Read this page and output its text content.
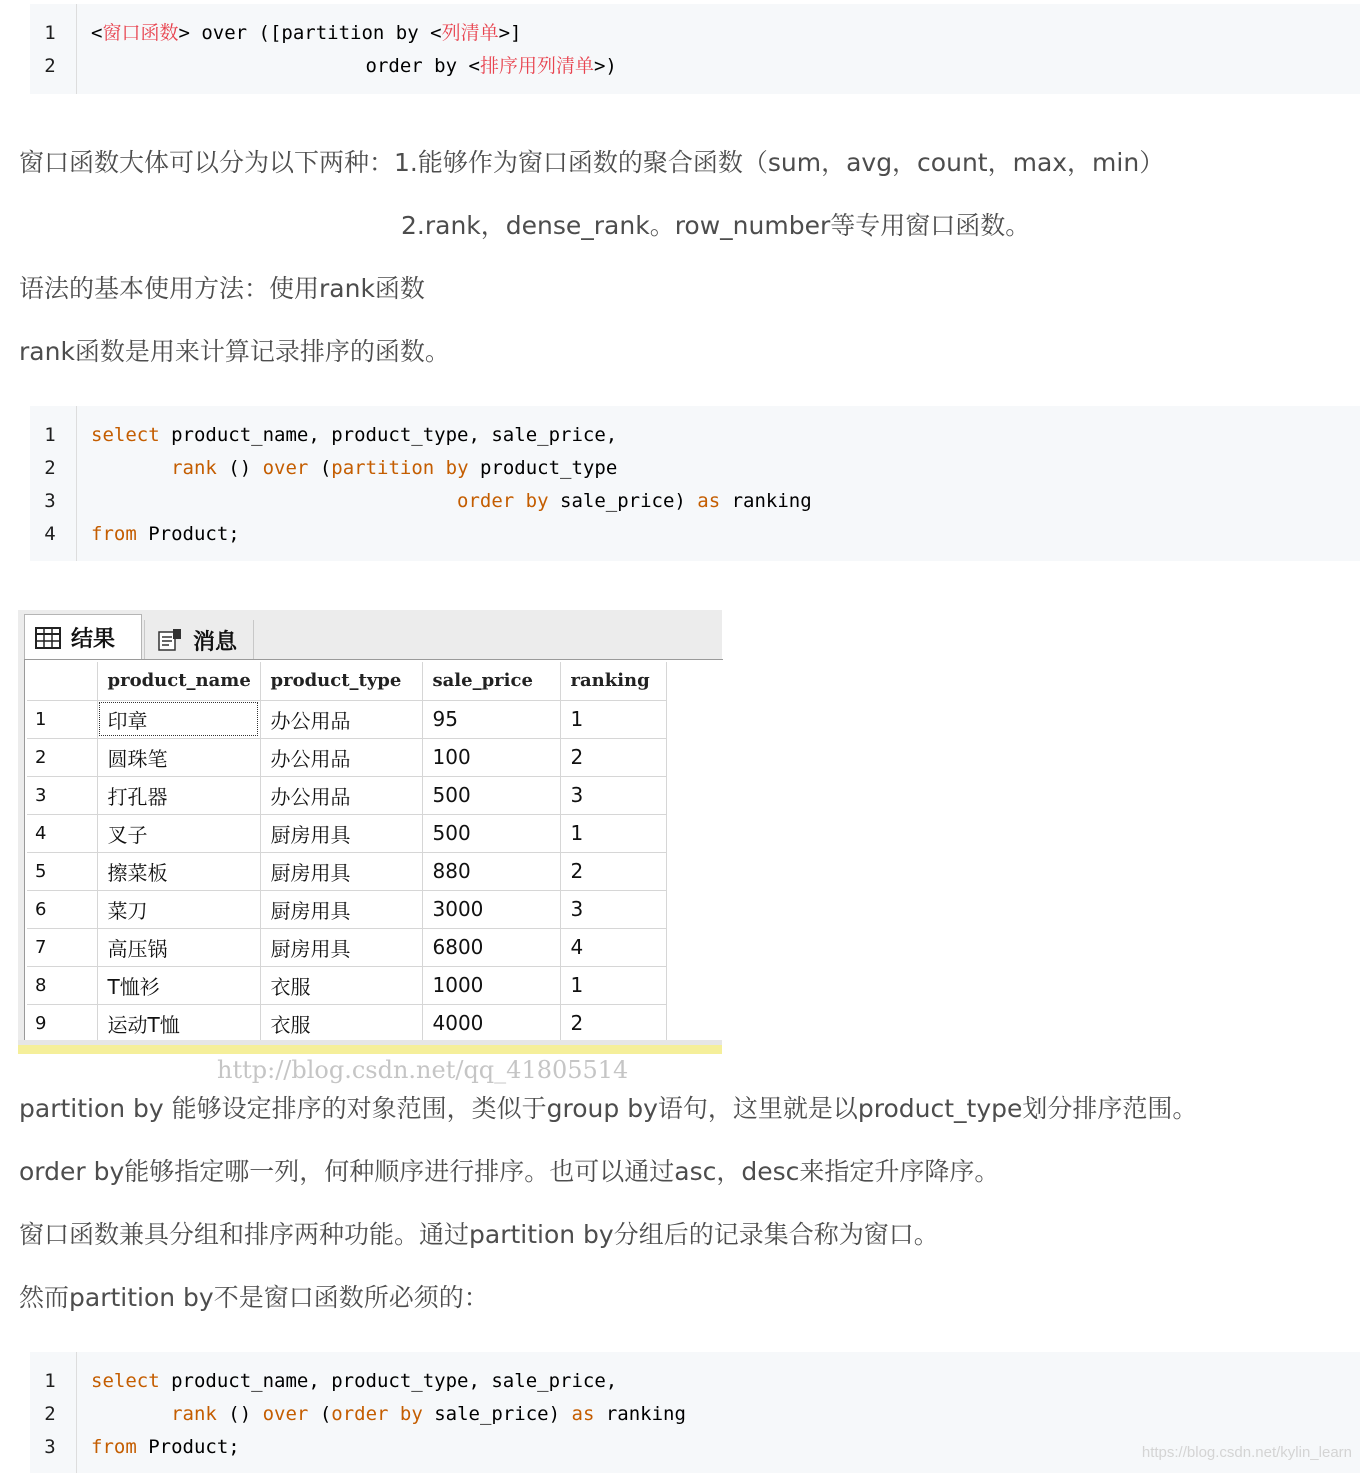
1 <窗口函数> over ([partition by <列清单>]
2 order by <排序用列清单>)
窗口函数大体可以分为以下两种：1.能够作为窗口函数的聚合函数（sum，avg，count，max，min）
2.rank，dense_rank。row_number等专用窗口函数。
语法的基本使用方法：使用rank函数
rank函数是用来计算记录排序的函数。
1 select product_name, product_type, sale_price,
2	rank () over (partition by product_type
3	order by sale_price) as ranking
4 from Product;
结果	消息
	product_name	product_type	sale_price	ranking
1	印章	办公用品	95	1
2	圆珠笔	办公用品	100	2
3	打孔器	办公用品	500	3
4	叉子	厨房用具	500	1
5	擦菜板	厨房用具	880	2
6	菜刀	厨房用具	3000	3
7	高压锅	厨房用具	6800	4
8	T恤衫	衣服	1000	1
9	运动T恤	衣服	4000	2
http://blog.csdn.net/qq_41805514
partition by 能够设定排序的对象范围，类似于group by语句，这里就是以product_type划分排序范围。
order by能够指定哪一列，何种顺序进行排序。也可以通过asc，desc来指定升序降序。
窗口函数兼具分组和排序两种功能。通过partition by分组后的记录集合称为窗口。
然而partition by不是窗口函数所必须的：
1 select product_name, product_type, sale_price,
2	rank () over (order by sale_price) as ranking
3 from Product;	https://blog.csdn.net/kylin_learn
